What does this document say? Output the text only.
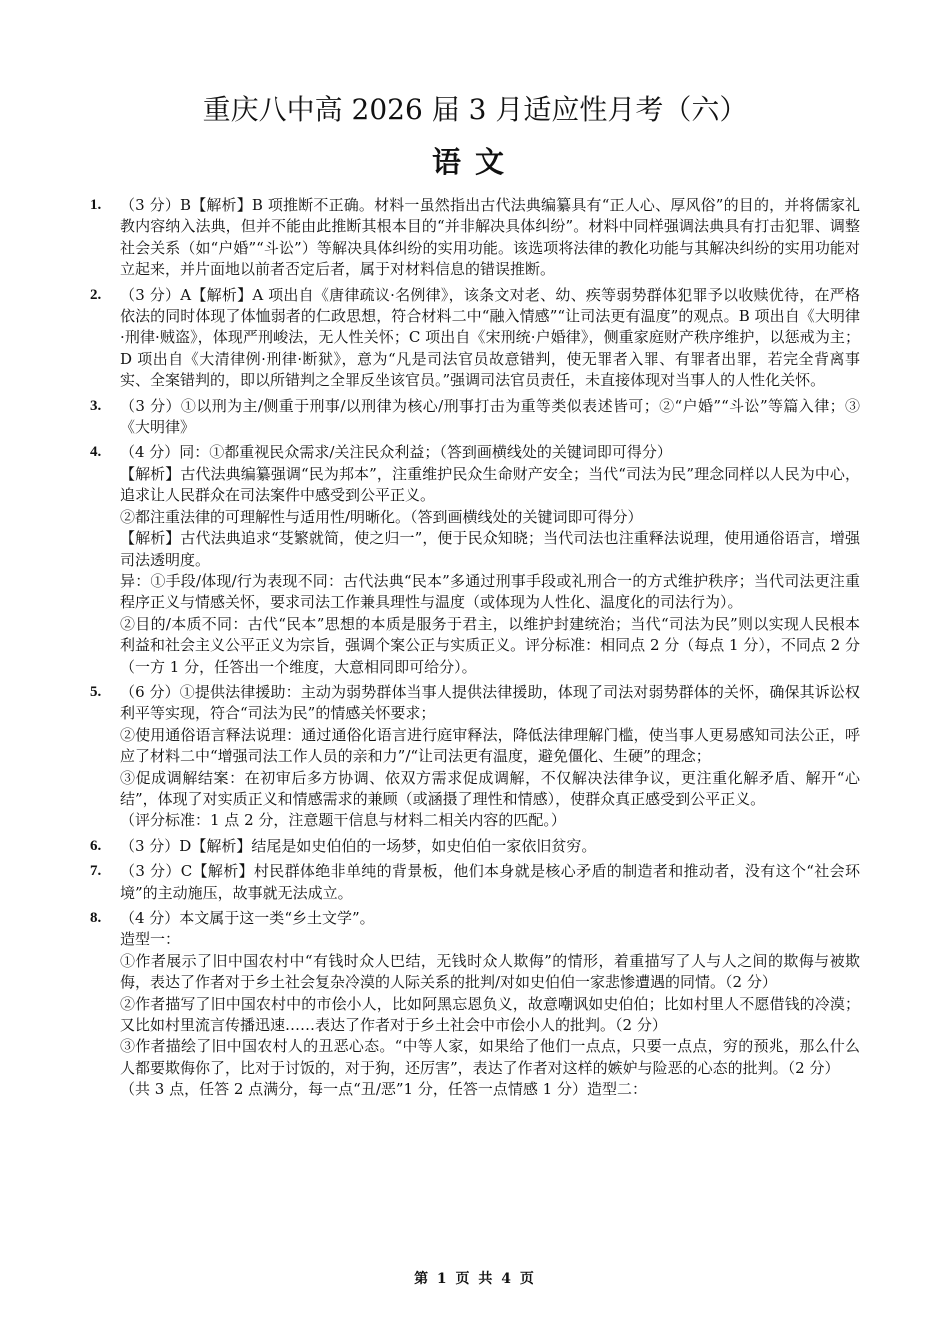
重庆八中高 2026 届 3 月适应性月考（六）
语文
1. （3 分）B【解析】B 项推断不正确。材料一虽然指出古代法典编纂具有“正人心、厚风俗”的目的，并将儒家礼教内容纳入法典，但并不能由此推断其根本目的“并非解决具体纠纷”。材料中同样强调法典具有打击犯罪、调整社会关系（如“户婚”“斗讼”）等解决具体纠纷的实用功能。该选项将法律的教化功能与其解决纠纷的实用功能对立起来，并片面地以前者否定后者，属于对材料信息的错误推断。

2. （3 分）A【解析】A 项出自《唐律疏议·名例律》，该条文对老、幼、疾等弱势群体犯罪予以收赎优待，在严格依法的同时体现了体恤弱者的仁政思想，符合材料二中“融入情感”“让司法更有温度”的观点。B 项出自《大明律·刑律·贼盗》，体现严刑峻法，无人性关怀；C 项出自《宋刑统·户婚律》，侧重家庭财产秩序维护，以惩戒为主；D 项出自《大清律例·刑律·断狱》，意为“凡是司法官员故意错判，使无罪者入罪、有罪者出罪，若完全背离事实、全案错判的，即以所错判之全罪反坐该官员。”强调司法官员责任，未直接体现对当事人的人性化关怀。

3. （3 分）①以刑为主/侧重于刑事/以刑律为核心/刑事打击为重等类似表述皆可；②“户婚”“斗讼”等篇入律；③《大明律》

4. （4 分）同：①都重视民众需求/关注民众利益；（答到画横线处的关键词即可得分）

【解析】古代法典编纂强调“民为邦本”，注重维护民众生命财产安全；当代“司法为民”理念同样以人民为中心，追求让人民群众在司法案件中感受到公平正义。

②都注重法律的可理解性与适用性/明晰化。（答到画横线处的关键词即可得分）

【解析】古代法典追求“芟繁就简，使之归一”，便于民众知晓；当代司法也注重释法说理，使用通俗语言，增强司法透明度。

异：①手段/体现/行为表现不同：古代法典“民本”多通过刑事手段或礼刑合一的方式维护秩序；当代司法更注重程序正义与情感关怀，要求司法工作兼具理性与温度（或体现为人性化、温度化的司法行为）。

②目的/本质不同：古代“民本”思想的本质是服务于君主，以维护封建统治；当代“司法为民”则以实现人民根本利益和社会主义公平正义为宗旨，强调个案公正与实质正义。评分标准：相同点 2 分（每点 1 分），不同点 2 分（一方 1 分，任答出一个维度，大意相同即可给分）。

5. （6 分）①提供法律援助：主动为弱势群体当事人提供法律援助，体现了司法对弱势群体的关怀，确保其诉讼权利平等实现，符合“司法为民”的情感关怀要求；

②使用通俗语言释法说理：通过通俗化语言进行庭审释法，降低法律理解门槛，使当事人更易感知司法公正，呼应了材料二中“增强司法工作人员的亲和力”/“让司法更有温度，避免僵化、生硬”的理念；

③促成调解结案：在初审后多方协调、依双方需求促成调解，不仅解决法律争议，更注重化解矛盾、解开“心结”，体现了对实质正义和情感需求的兼顾（或涵摄了理性和情感），使群众真正感受到公平正义。

（评分标准：1 点 2 分，注意题干信息与材料二相关内容的匹配。）

6. （3 分）D【解析】结尾是如史伯伯的一场梦，如史伯伯一家依旧贫穷。

7. （3 分）C【解析】村民群体绝非单纯的背景板，他们本身就是核心矛盾的制造者和推动者，没有这个“社会环境”的主动施压，故事就无法成立。

8. （4 分）本文属于这一类“乡土文学”。

造型一：

①作者展示了旧中国农村中“有钱时众人巴结，无钱时众人欺侮”的情形，着重描写了人与人之间的欺侮与被欺侮，表达了作者对于乡土社会复杂冷漠的人际关系的批判/对如史伯伯一家悲惨遭遇的同情。（2 分）

②作者描写了旧中国农村中的市侩小人，比如阿黑忘恩负义，故意嘲讽如史伯伯；比如村里人不愿借钱的冷漠；又比如村里流言传播迅速……表达了作者对于乡土社会中市侩小人的批判。（2 分）

③作者描绘了旧中国农村人的丑恶心态。“中等人家，如果给了他们一点点，只要一点点，穷的预兆，那么什么人都要欺侮你了，比对于讨饭的，对于狗，还厉害”，表达了作者对这样的嫉妒与险恶的心态的批判。（2 分）

（共 3 点，任答 2 点满分，每一点“丑/恶”1 分，任答一点情感 1 分）造型二：

第 1 页 共 4 页
